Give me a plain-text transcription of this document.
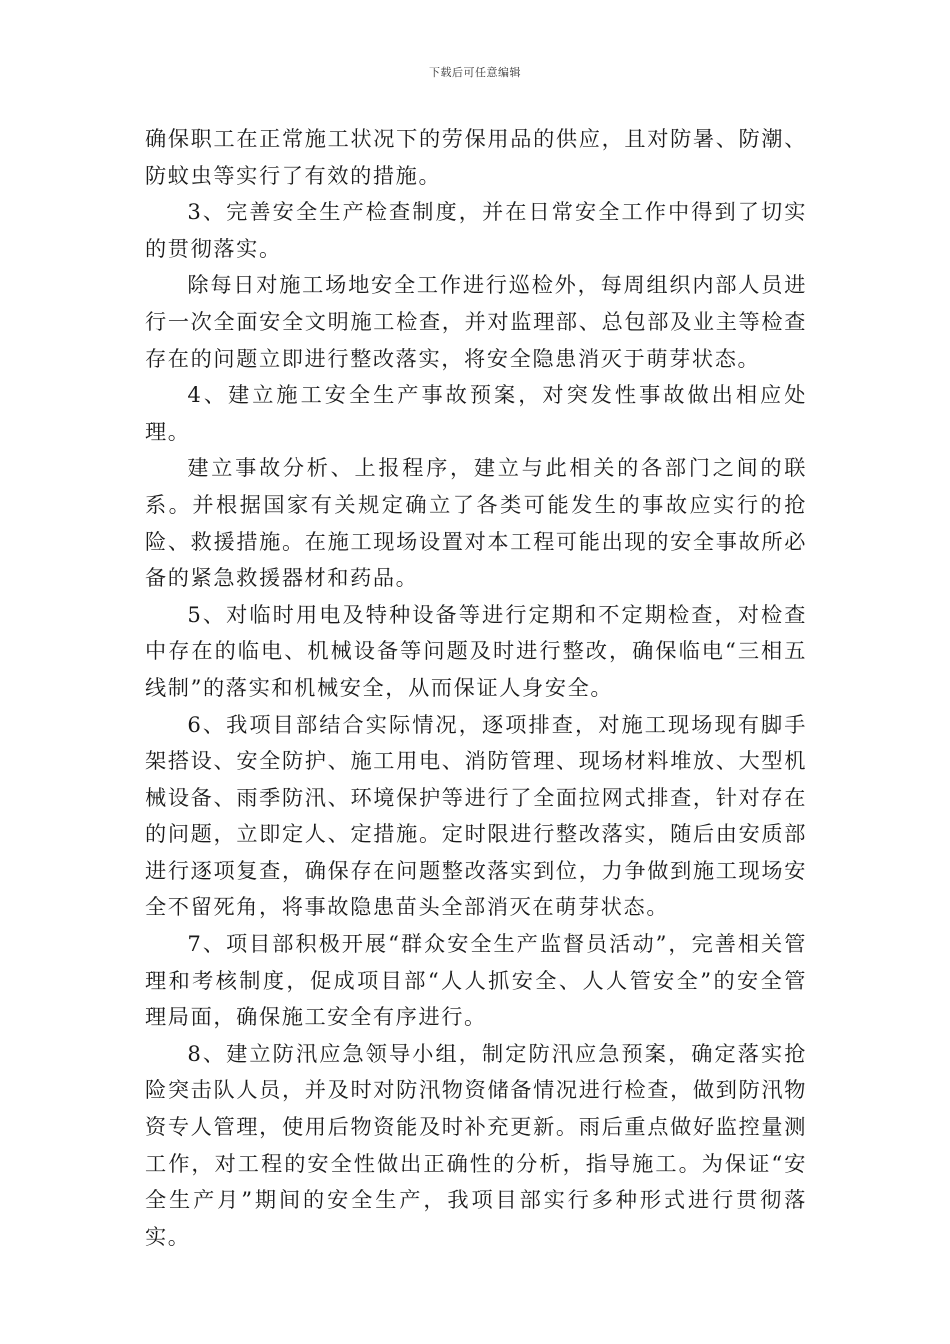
下载后可任意编辑

确保职工在正常施工状况下的劳保用品的供应，且对防暑、防潮、防蚊虫等实行了有效的措施。

3、完善安全生产检查制度，并在日常安全工作中得到了切实的贯彻落实。

除每日对施工场地安全工作进行巡检外，每周组织内部人员进行一次全面安全文明施工检查，并对监理部、总包部及业主等检查存在的问题立即进行整改落实，将安全隐患消灭于萌芽状态。

4、建立施工安全生产事故预案，对突发性事故做出相应处理。

建立事故分析、上报程序，建立与此相关的各部门之间的联系。并根据国家有关规定确立了各类可能发生的事故应实行的抢险、救援措施。在施工现场设置对本工程可能出现的安全事故所必备的紧急救援器材和药品。

5、对临时用电及特种设备等进行定期和不定期检查，对检查中存在的临电、机械设备等问题及时进行整改，确保临电“三相五线制”的落实和机械安全，从而保证人身安全。

6、我项目部结合实际情况，逐项排查，对施工现场现有脚手架搭设、安全防护、施工用电、消防管理、现场材料堆放、大型机械设备、雨季防汛、环境保护等进行了全面拉网式排查，针对存在的问题，立即定人、定措施。定时限进行整改落实，随后由安质部进行逐项复查，确保存在问题整改落实到位，力争做到施工现场安全不留死角，将事故隐患苗头全部消灭在萌芽状态。

7、项目部积极开展“群众安全生产监督员活动”，完善相关管理和考核制度，促成项目部“人人抓安全、人人管安全”的安全管理局面，确保施工安全有序进行。

8、建立防汛应急领导小组，制定防汛应急预案，确定落实抢险突击队人员，并及时对防汛物资储备情况进行检查，做到防汛物资专人管理，使用后物资能及时补充更新。雨后重点做好监控量测工作，对工程的安全性做出正确性的分析，指导施工。为保证“安全生产月”期间的安全生产，我项目部实行多种形式进行贯彻落实。
